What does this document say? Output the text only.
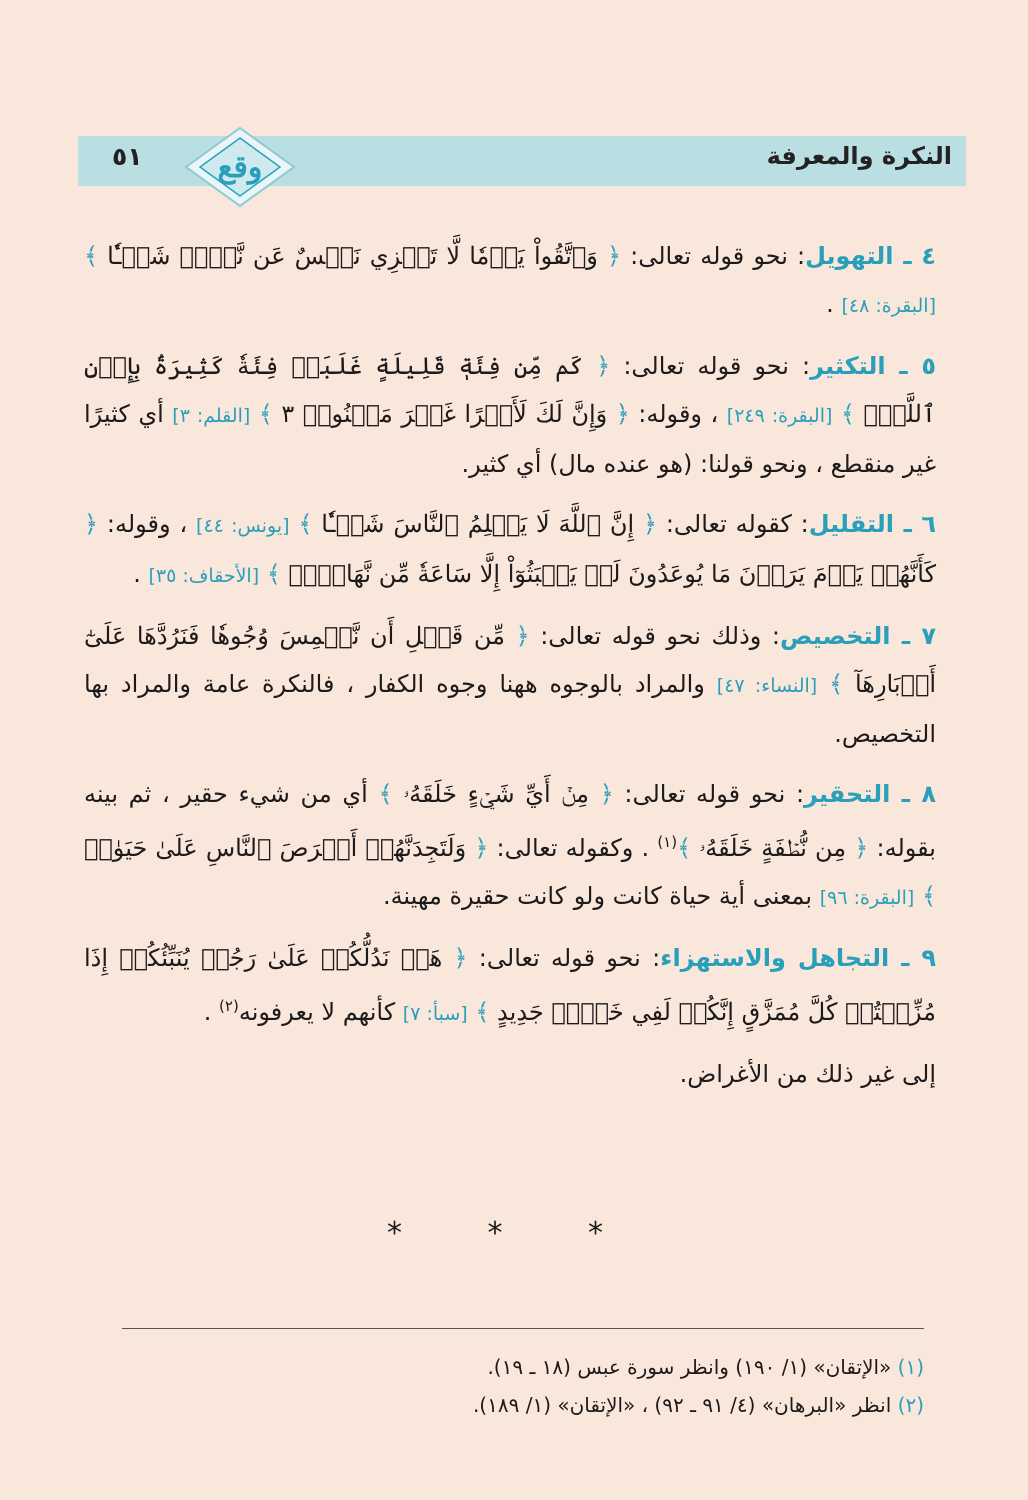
وقع	النكرة والمعرفة
٥١

٤ ـ التهويل: نحو قوله تعالى: ﴿ وَٱتَّقُواْ يَوۡمٗا لَّا تَجۡزِي نَفۡسٌ عَن نَّفۡسٖ شَيۡـٔٗا ﴾ [البقرة: ٤٨] .

٥ ـ التكثير: نحو قوله تعالى: ﴿ كَم مِّن فِئَةٖ قَلِيلَةٍ غَلَبَتۡ فِئَةٗ كَثِيرَةَۢ بِإِذۡنِ ٱللَّهِۗ ﴾ [البقرة: ٢٤٩] ، وقوله: ﴿ وَإِنَّ لَكَ لَأَجۡرًا غَيۡرَ مَمۡنُونٖ ٣ ﴾ [القلم: ٣] أي كثيرًا غير منقطع ، ونحو قولنا: (هو عنده مال) أي كثير.

٦ ـ التقليل: كقوله تعالى: ﴿ إِنَّ ٱللَّهَ لَا يَظۡلِمُ ٱلنَّاسَ شَيۡـٔٗا ﴾ [يونس: ٤٤] ، وقوله: ﴿ كَأَنَّهُمۡ يَوۡمَ يَرَوۡنَ مَا يُوعَدُونَ لَمۡ يَلۡبَثُوٓاْ إِلَّا سَاعَةٗ مِّن نَّهَارِۭۚ ﴾ [الأحقاف: ٣٥] .

٧ ـ التخصيص: وذلك نحو قوله تعالى: ﴿ مِّن قَبۡلِ أَن نَّطۡمِسَ وُجُوهٗا فَنَرُدَّهَا عَلَىٰٓ أَدۡبَارِهَآ ﴾ [النساء: ٤٧] والمراد بالوجوه ههنا وجوه الكفار ، فالنكرة عامة والمراد بها التخصيص.

٨ ـ التحقير: نحو قوله تعالى: ﴿ مِنۡ أَيِّ شَيۡءٍ خَلَقَهُۥ ﴾ أي من شيء حقير ، ثم بينه بقوله: ﴿ مِن نُّطۡفَةٍ خَلَقَهُۥ ﴾$^{(١)}$ . وكقوله تعالى: ﴿ وَلَتَجِدَنَّهُمۡ أَحۡرَصَ ٱلنَّاسِ عَلَىٰ حَيَوٰةٖ ﴾ [البقرة: ٩٦] بمعنى أية حياة كانت ولو كانت حقيرة مهينة.

٩ ـ التجاهل والاستهزاء: نحو قوله تعالى: ﴿ هَلۡ نَدُلُّكُمۡ عَلَىٰ رَجُلٖ يُنَبِّئُكُمۡ إِذَا مُزِّقۡتُمۡ كُلَّ مُمَزَّقٍ إِنَّكُمۡ لَفِي خَلۡقٖ جَدِيدٍ ﴾ [سبأ: ٧] كأنهم لا يعرفونه$^{(٢)}$ .

إلى غير ذلك من الأغراض.

* * *
(١) «الإتقان» (١/ ١٩٠) وانظر سورة عبس (١٨ ـ ١٩).
(٢) انظر «البرهان» (٤/ ٩١ ـ ٩٢) ، «الإتقان» (١/ ١٨٩).
